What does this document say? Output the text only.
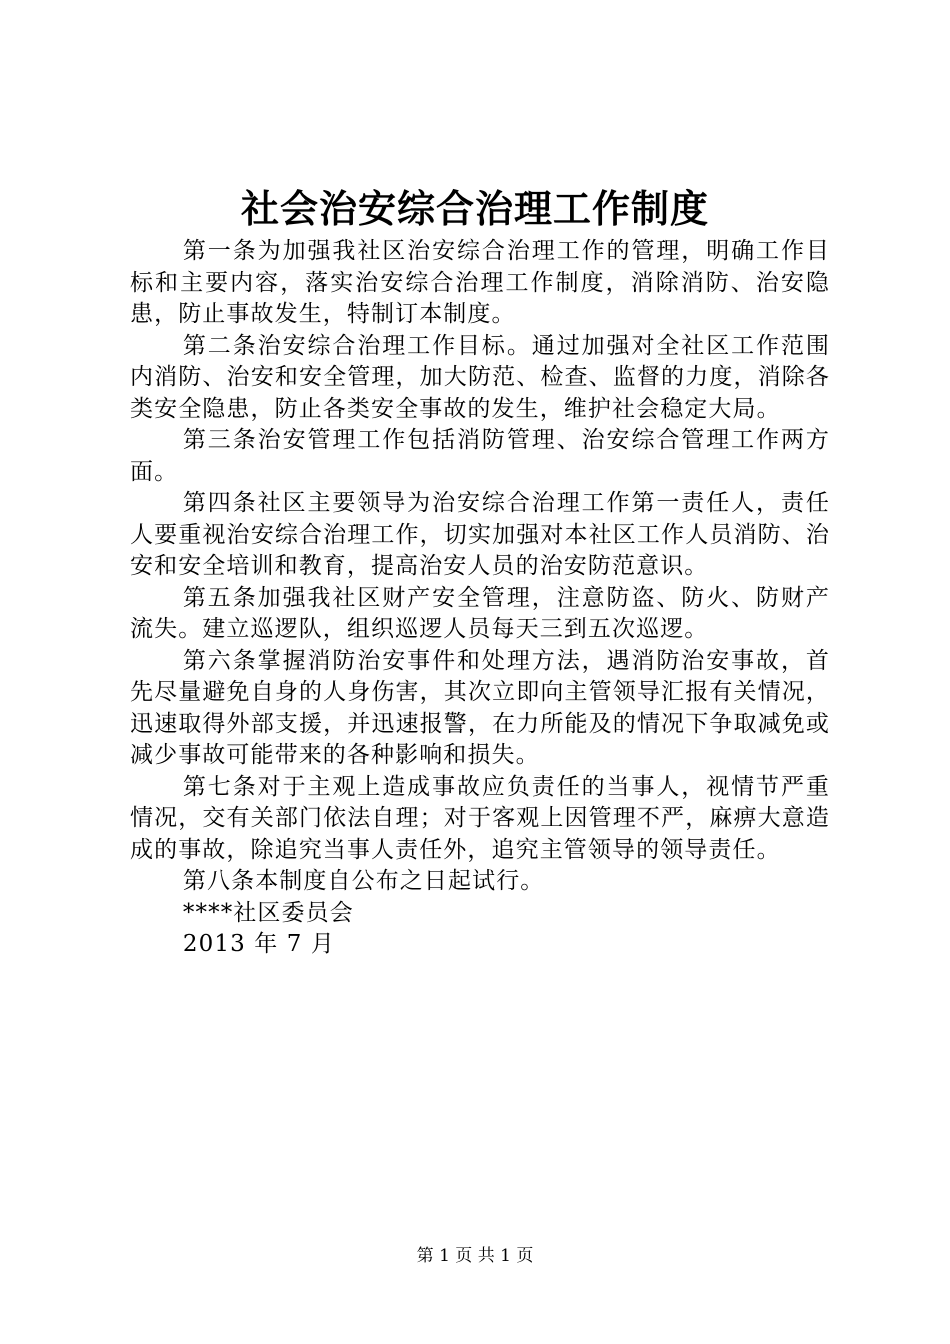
社会治安综合治理工作制度

第一条为加强我社区治安综合治理工作的管理，明确工作目标和主要内容，落实治安综合治理工作制度，消除消防、治安隐患，防止事故发生，特制订本制度。

第二条治安综合治理工作目标。通过加强对全社区工作范围内消防、治安和安全管理，加大防范、检查、监督的力度，消除各类安全隐患，防止各类安全事故的发生，维护社会稳定大局。

第三条治安管理工作包括消防管理、治安综合管理工作两方面。

第四条社区主要领导为治安综合治理工作第一责任人，责任人要重视治安综合治理工作，切实加强对本社区工作人员消防、治安和安全培训和教育，提高治安人员的治安防范意识。

第五条加强我社区财产安全管理，注意防盗、防火、防财产流失。建立巡逻队，组织巡逻人员每天三到五次巡逻。

第六条掌握消防治安事件和处理方法，遇消防治安事故，首先尽量避免自身的人身伤害，其次立即向主管领导汇报有关情况，迅速取得外部支援，并迅速报警，在力所能及的情况下争取减免或减少事故可能带来的各种影响和损失。

第七条对于主观上造成事故应负责任的当事人，视情节严重情况，交有关部门依法自理；对于客观上因管理不严，麻痹大意造成的事故，除追究当事人责任外，追究主管领导的领导责任。

第八条本制度自公布之日起试行。

****社区委员会

2013 年 7 月

第 1 页 共 1 页
